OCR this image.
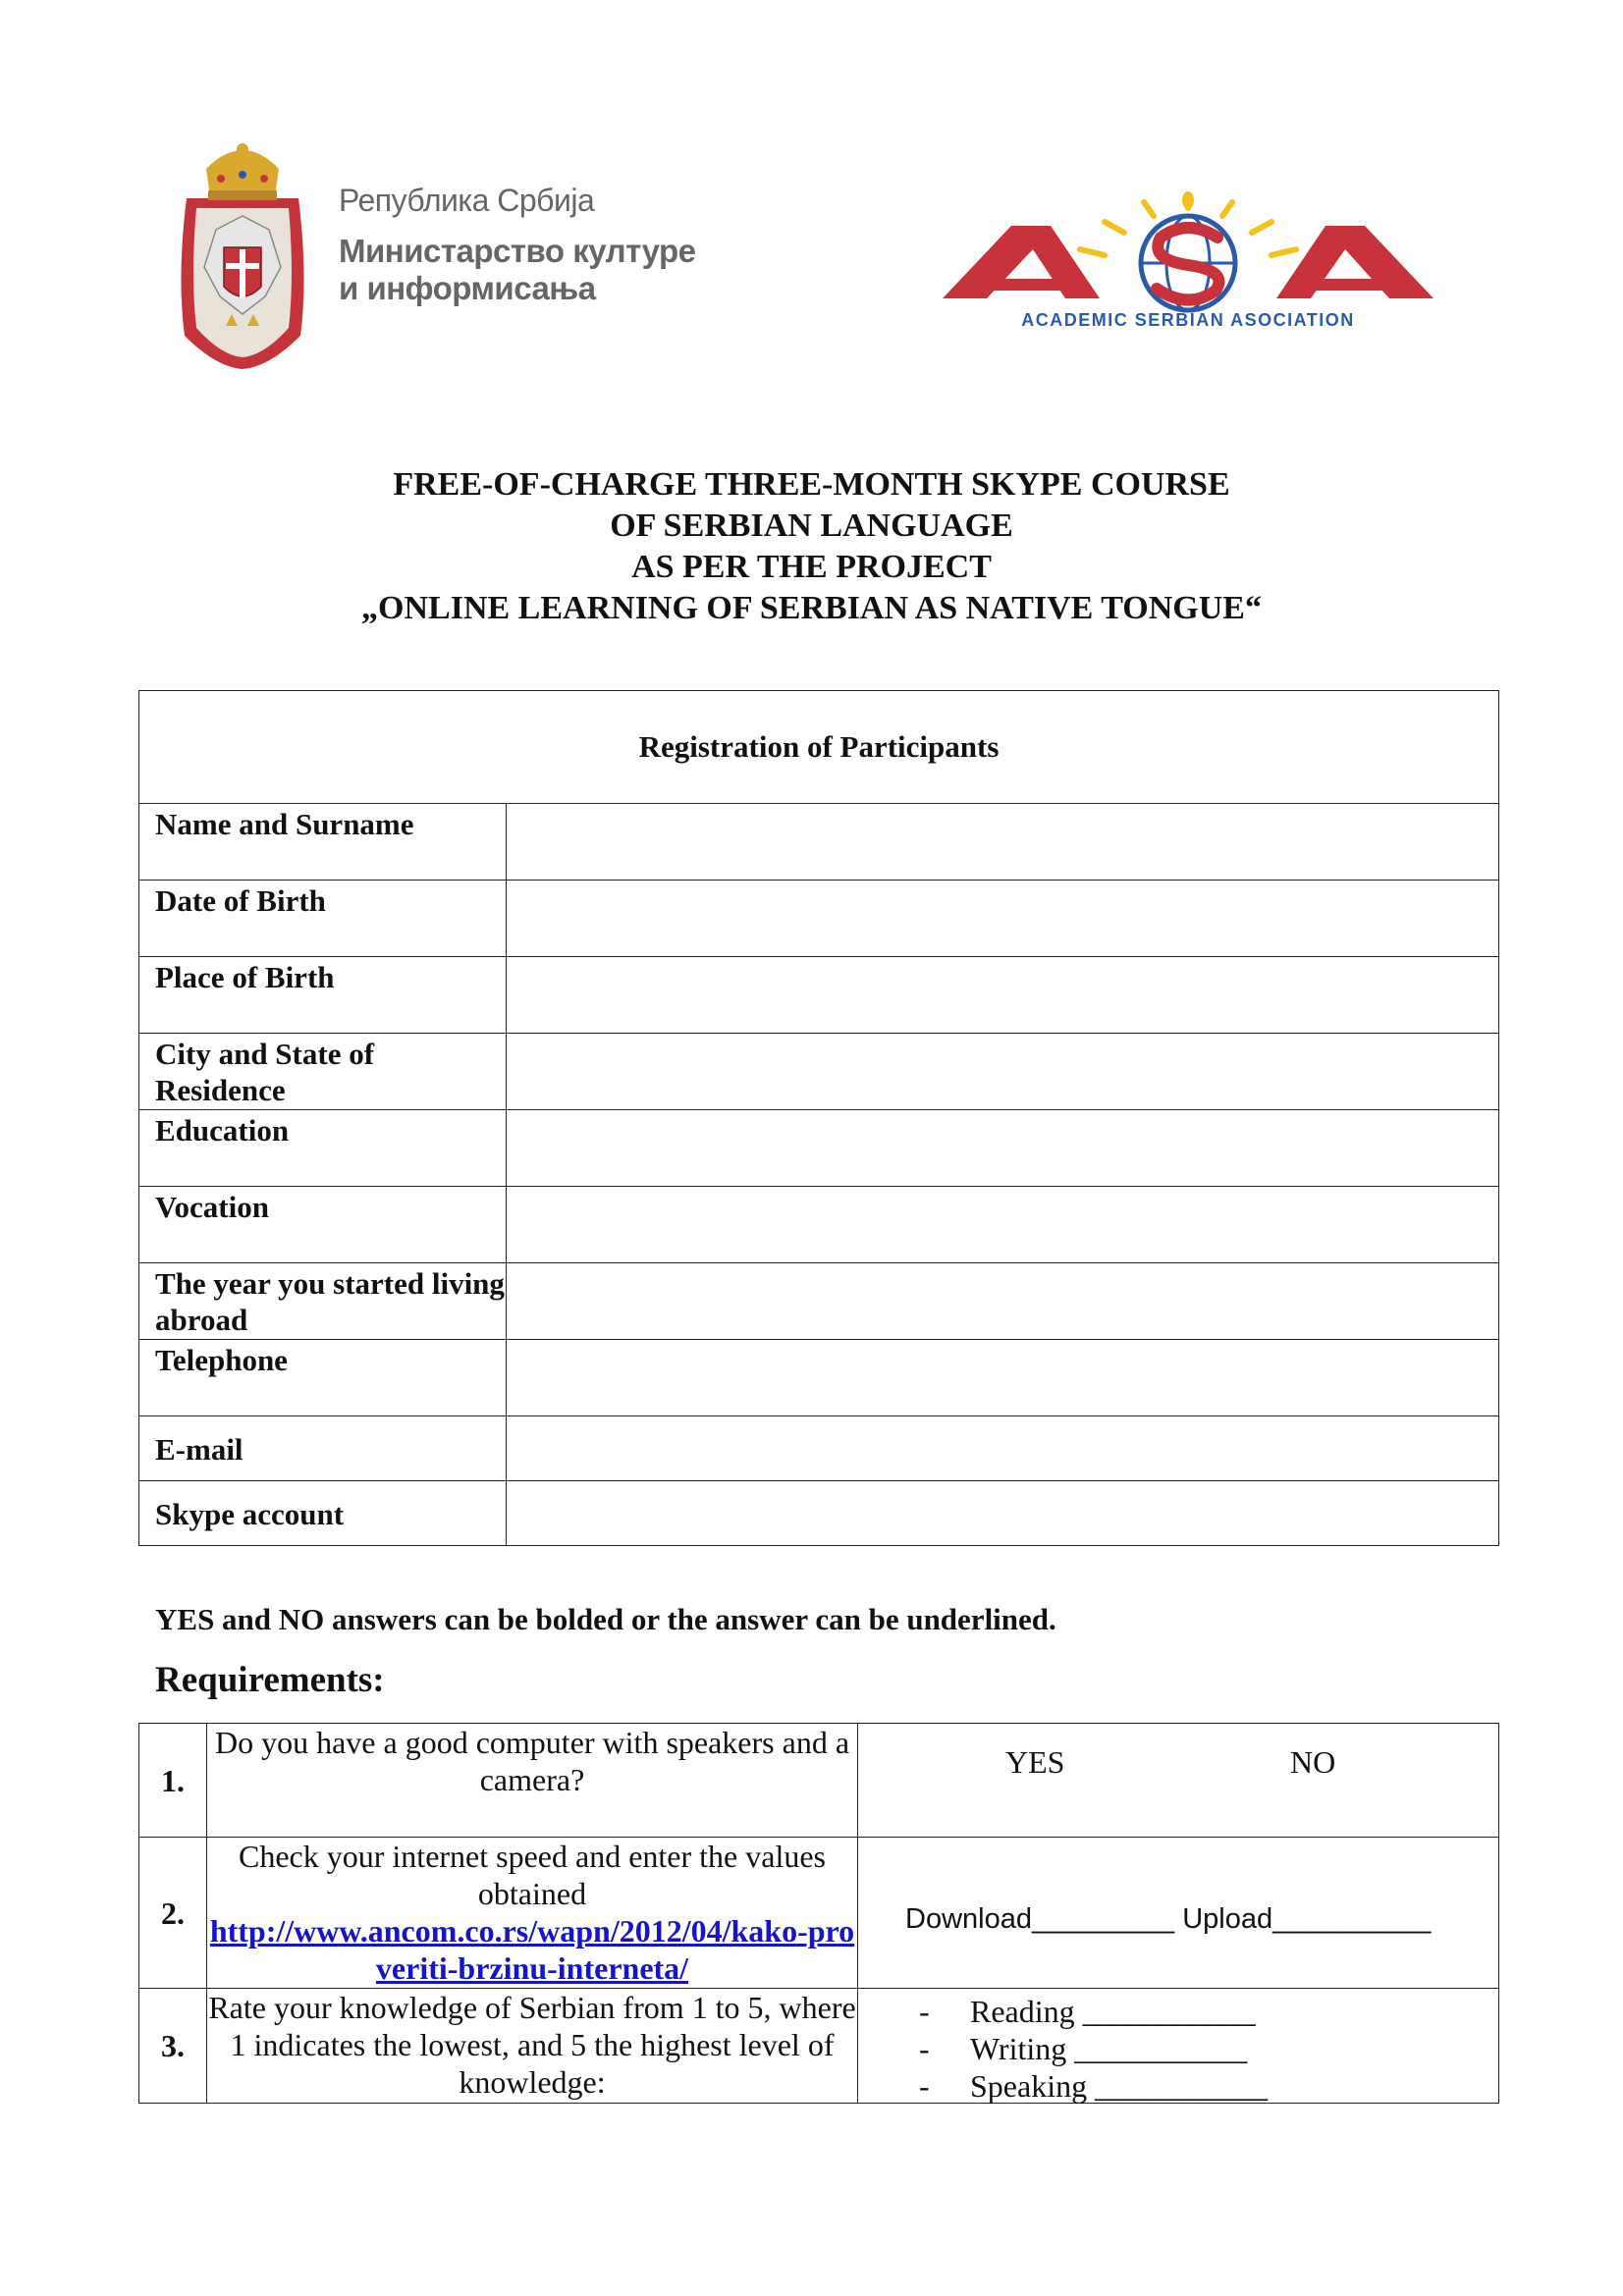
Република Србија
Министарство културе
и информисања
ACADEMIC SERBIAN ASOCIATION
FREE-OF-CHARGE THREE-MONTH SKYPE COURSE
OF SERBIAN LANGUAGE
AS PER THE PROJECT
„ONLINE LEARNING OF SERBIAN AS NATIVE TONGUE“
Registration of Participants	

Name and Surname	

Date of Birth	

Place of Birth	

City and State of Residence	

Education	

Vocation	

The year you started living abroad	

Telephone	

E-mail	

Skype account	

YES and NO answers can be bolded or the answer can be underlined.
Requirements:
1.	Do you have a good computer with speakers and a camera?	YES NO

2.	Check your internet speed and enter the values obtained
http://www.ancom.co.rs/wapn/2012/04/kako-proveriti-brzinu-interneta/	Download_________ Upload__________

3.	Rate your knowledge of Serbian from 1 to 5, where 1 indicates the lowest, and 5 the highest level of knowledge:	- Reading ___________
- Writing ___________
- Speaking ___________
